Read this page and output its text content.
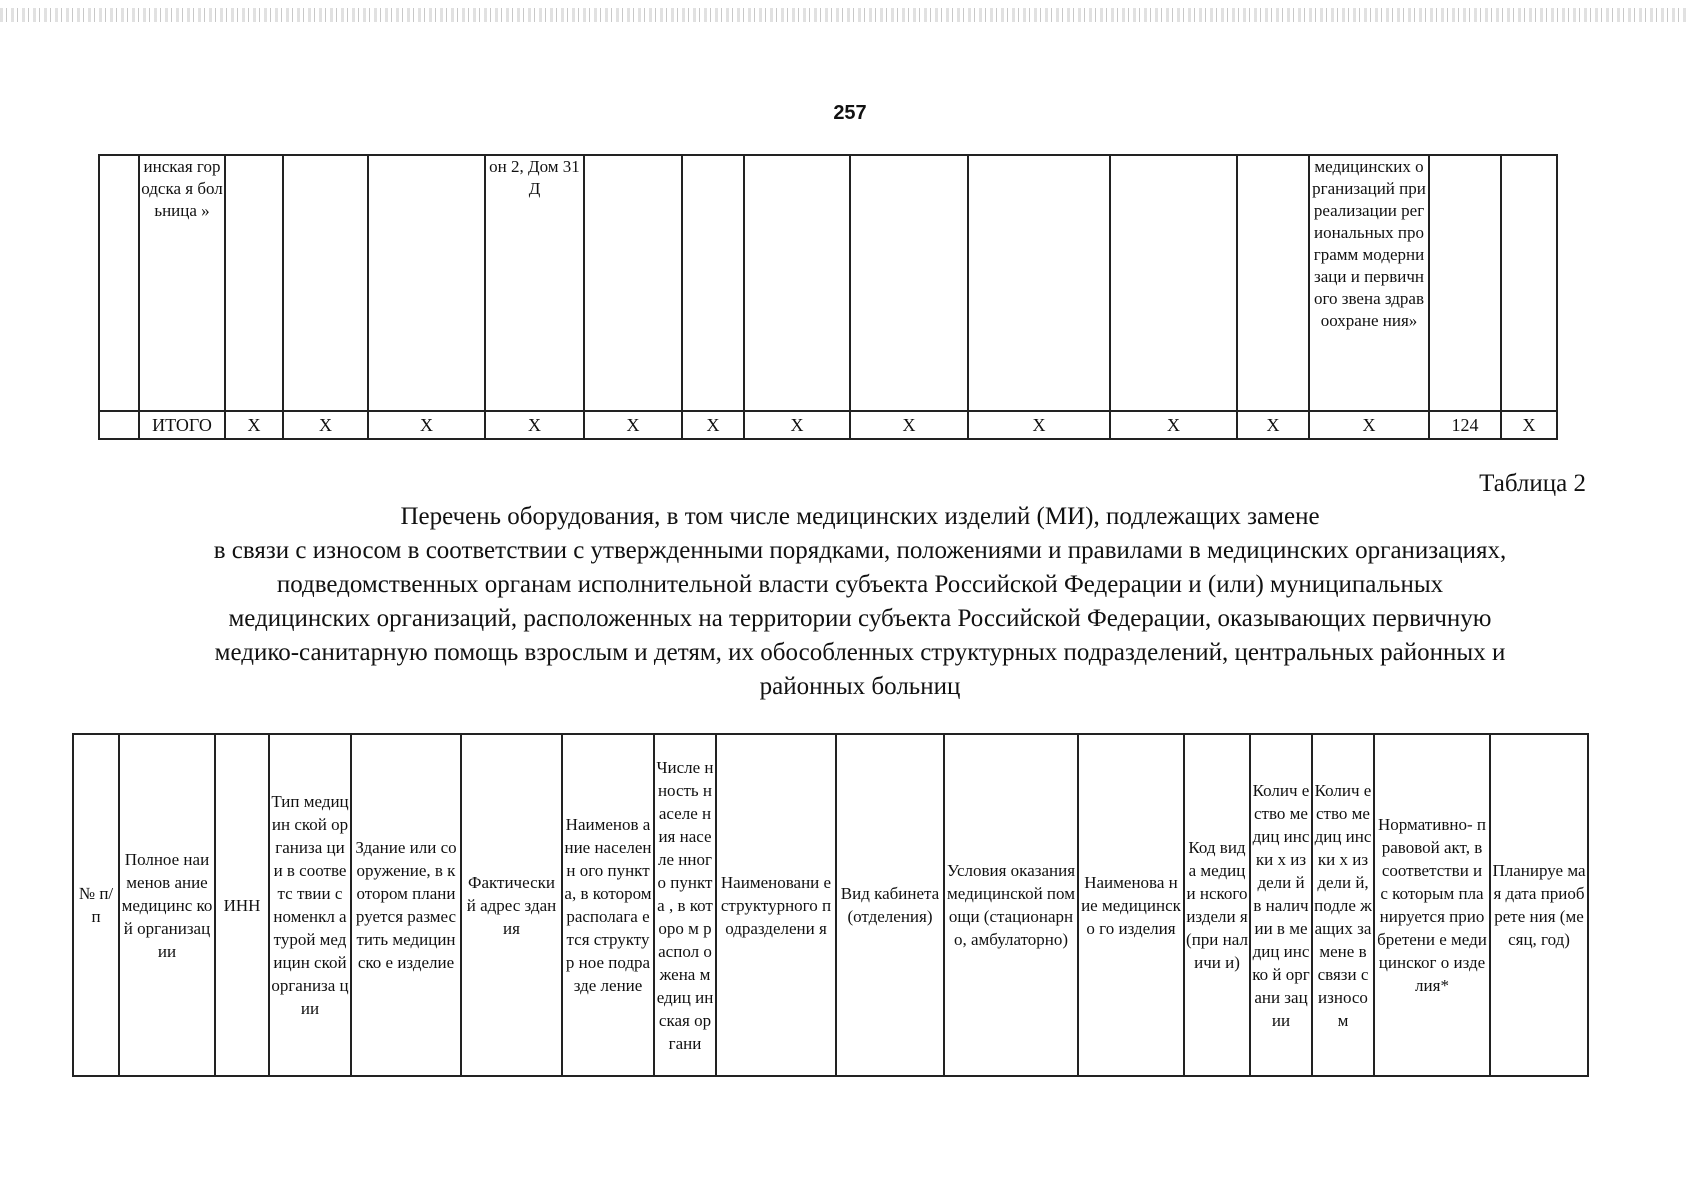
257
	инская городска я больница »				он 2, Дом 31Д								медицинских организаций при реализации региональных программ модернизаци и первичного звена здравоохране ния»		
	ИТОГО	X	X	X	X	X	X	X	X	X	X	X	X	124	X
Таблица 2
Перечень оборудования, в том числе медицинских изделий (МИ), подлежащих замене
в связи с износом в соответствии с утвержденными порядками, положениями и правилами в медицинских организациях,
подведомственных органам исполнительной власти субъекта Российской Федерации и (или) муниципальных
медицинских организаций, расположенных на территории субъекта Российской Федерации, оказывающих первичную
медико-санитарную помощь взрослым и детям, их обособленных структурных подразделений, центральных районных и
районных больниц
№ п/п	Полное наименов ание медицинс кой организац ии	ИНН	Тип медицин ской организа ции в соответс твии с номенкл атурой медицин ской организа ции	Здание или сооружение, в котором планируется разместить медицинско е изделие	Фактически й адрес здания	Наименов ание населенн ого пункта, в котором располага ется структур ное подразде ление	Числе нность населе ния населе нного пункта , в которо м распол ожена медиц инская органи	Наименовани е структурного подразделени я	Вид кабинета (отделения)	Условия оказания медицинской помощи (стационарно, амбулаторно)	Наименова ние медицинско го изделия	Код вида медици нского издели я (при наличи и)	Колич ество медиц ински х издели й в налич ии в медиц инско й органи зации	Колич ество медиц ински х издели й, подле жащих замене в связи с износо м	Нормативно- правовой акт, в соответстви и с которым планируется приобретени е медицинског о изделия*	Планируе мая дата приобрете ния (месяц, год)
